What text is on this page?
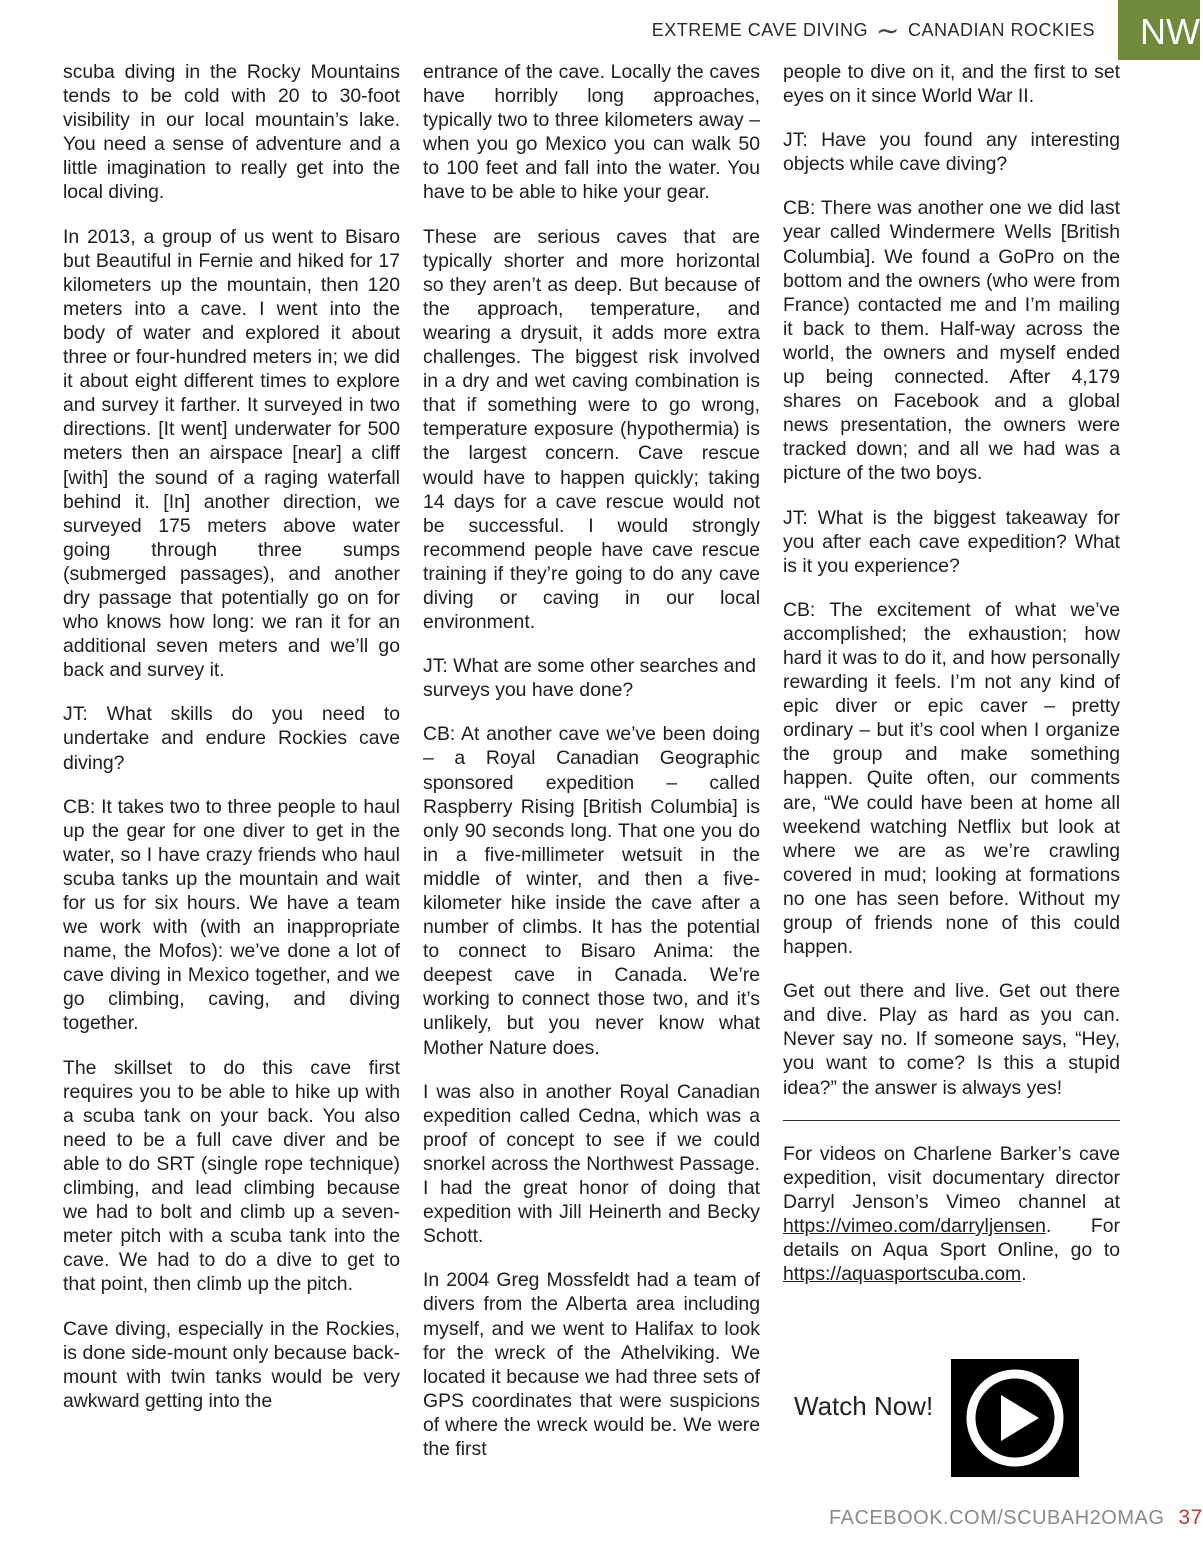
EXTREME CAVE DIVING ∼ CANADIAN ROCKIES	NW

scuba diving in the Rocky Mountains tends to be cold with 20 to 30-foot visibility in our local mountain’s lake. You need a sense of adventure and a little imagination to really get into the local diving.

In 2013, a group of us went to Bisaro but Beautiful in Fernie and hiked for 17 kilometers up the mountain, then 120 meters into a cave. I went into the body of water and explored it about three or four-hundred meters in; we did it about eight different times to explore and survey it farther. It surveyed in two directions. [It went] underwater for 500 meters then an airspace [near] a cliff [with] the sound of a raging waterfall behind it. [In] another direction, we surveyed 175 meters above water going through three sumps (submerged passages), and another dry passage that potentially go on for who knows how long: we ran it for an additional seven meters and we’ll go back and survey it.

JT: What skills do you need to undertake and endure Rockies cave diving?

CB: It takes two to three people to haul up the gear for one diver to get in the water, so I have crazy friends who haul scuba tanks up the mountain and wait for us for six hours. We have a team we work with (with an inappropriate name, the Mofos): we’ve done a lot of cave diving in Mexico together, and we go climbing, caving, and diving together.

The skillset to do this cave first requires you to be able to hike up with a scuba tank on your back. You also need to be a full cave diver and be able to do SRT (single rope technique) climbing, and lead climbing because we had to bolt and climb up a seven-meter pitch with a scuba tank into the cave. We had to do a dive to get to that point, then climb up the pitch.

Cave diving, especially in the Rockies, is done side-mount only because back-mount with twin tanks would be very awkward getting into the

entrance of the cave. Locally the caves have horribly long approaches, typically two to three kilometers away – when you go Mexico you can walk 50 to 100 feet and fall into the water. You have to be able to hike your gear.

These are serious caves that are typically shorter and more horizontal so they aren’t as deep. But because of the approach, temperature, and wearing a drysuit, it adds more extra challenges. The biggest risk involved in a dry and wet caving combination is that if something were to go wrong, temperature exposure (hypothermia) is the largest concern. Cave rescue would have to happen quickly; taking 14 days for a cave rescue would not be successful. I would strongly recommend people have cave rescue training if they’re going to do any cave diving or caving in our local environment.

JT: What are some other searches and surveys you have done?

CB: At another cave we’ve been doing – a Royal Canadian Geographic sponsored expedition – called Raspberry Rising [British Columbia] is only 90 seconds long. That one you do in a five-millimeter wetsuit in the middle of winter, and then a five-kilometer hike inside the cave after a number of climbs. It has the potential to connect to Bisaro Anima: the deepest cave in Canada. We’re working to connect those two, and it’s unlikely, but you never know what Mother Nature does.

I was also in another Royal Canadian expedition called Cedna, which was a proof of concept to see if we could snorkel across the Northwest Passage. I had the great honor of doing that expedition with Jill Heinerth and Becky Schott.

In 2004 Greg Mossfeldt had a team of divers from the Alberta area including myself, and we went to Halifax to look for the wreck of the Athelviking. We located it because we had three sets of GPS coordinates that were suspicions of where the wreck would be. We were the first

people to dive on it, and the first to set eyes on it since World War II.

JT: Have you found any interesting objects while cave diving?

CB: There was another one we did last year called Windermere Wells [British Columbia]. We found a GoPro on the bottom and the owners (who were from France) contacted me and I’m mailing it back to them. Half-way across the world, the owners and myself ended up being connected. After 4,179 shares on Facebook and a global news presentation, the owners were tracked down; and all we had was a picture of the two boys.

JT: What is the biggest takeaway for you after each cave expedition? What is it you experience?

CB: The excitement of what we’ve accomplished; the exhaustion; how hard it was to do it, and how personally rewarding it feels. I’m not any kind of epic diver or epic caver – pretty ordinary – but it’s cool when I organize the group and make something happen. Quite often, our comments are, “We could have been at home all weekend watching Netflix but look at where we are as we’re crawling covered in mud; looking at formations no one has seen before. Without my group of friends none of this could happen.

Get out there and live. Get out there and dive. Play as hard as you can. Never say no. If someone says, “Hey, you want to come? Is this a stupid idea?” the answer is always yes!

For videos on Charlene Barker’s cave expedition, visit documentary director Darryl Jenson’s Vimeo channel at https://vimeo.com/darryljensen. For details on Aqua Sport Online, go to https://aquasportscuba.com.

Watch Now!
FACEBOOK.COM/SCUBAH2OMAG 37
